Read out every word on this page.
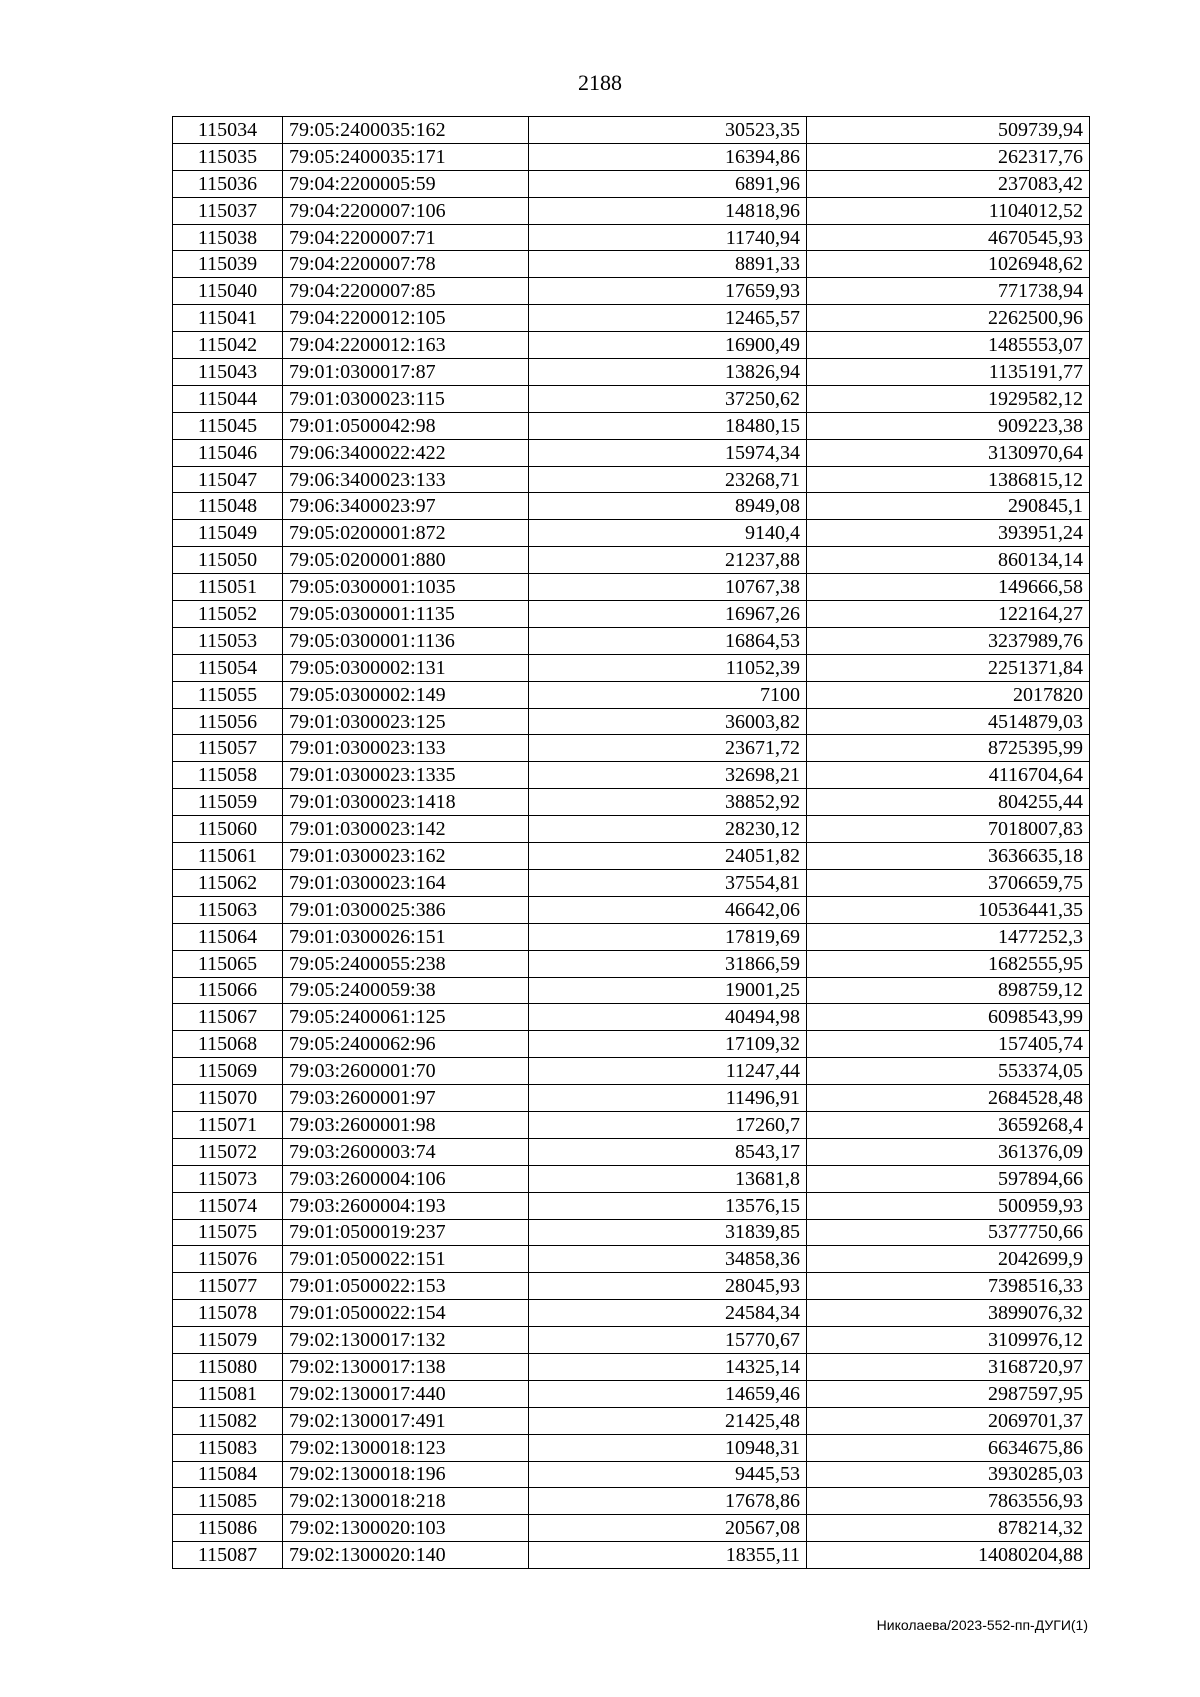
2188
115034	79:05:2400035:162	30523,35	509739,94
115035	79:05:2400035:171	16394,86	262317,76
115036	79:04:2200005:59	6891,96	237083,42
115037	79:04:2200007:106	14818,96	1104012,52
115038	79:04:2200007:71	11740,94	4670545,93
115039	79:04:2200007:78	8891,33	1026948,62
115040	79:04:2200007:85	17659,93	771738,94
115041	79:04:2200012:105	12465,57	2262500,96
115042	79:04:2200012:163	16900,49	1485553,07
115043	79:01:0300017:87	13826,94	1135191,77
115044	79:01:0300023:115	37250,62	1929582,12
115045	79:01:0500042:98	18480,15	909223,38
115046	79:06:3400022:422	15974,34	3130970,64
115047	79:06:3400023:133	23268,71	1386815,12
115048	79:06:3400023:97	8949,08	290845,1
115049	79:05:0200001:872	9140,4	393951,24
115050	79:05:0200001:880	21237,88	860134,14
115051	79:05:0300001:1035	10767,38	149666,58
115052	79:05:0300001:1135	16967,26	122164,27
115053	79:05:0300001:1136	16864,53	3237989,76
115054	79:05:0300002:131	11052,39	2251371,84
115055	79:05:0300002:149	7100	2017820
115056	79:01:0300023:125	36003,82	4514879,03
115057	79:01:0300023:133	23671,72	8725395,99
115058	79:01:0300023:1335	32698,21	4116704,64
115059	79:01:0300023:1418	38852,92	804255,44
115060	79:01:0300023:142	28230,12	7018007,83
115061	79:01:0300023:162	24051,82	3636635,18
115062	79:01:0300023:164	37554,81	3706659,75
115063	79:01:0300025:386	46642,06	10536441,35
115064	79:01:0300026:151	17819,69	1477252,3
115065	79:05:2400055:238	31866,59	1682555,95
115066	79:05:2400059:38	19001,25	898759,12
115067	79:05:2400061:125	40494,98	6098543,99
115068	79:05:2400062:96	17109,32	157405,74
115069	79:03:2600001:70	11247,44	553374,05
115070	79:03:2600001:97	11496,91	2684528,48
115071	79:03:2600001:98	17260,7	3659268,4
115072	79:03:2600003:74	8543,17	361376,09
115073	79:03:2600004:106	13681,8	597894,66
115074	79:03:2600004:193	13576,15	500959,93
115075	79:01:0500019:237	31839,85	5377750,66
115076	79:01:0500022:151	34858,36	2042699,9
115077	79:01:0500022:153	28045,93	7398516,33
115078	79:01:0500022:154	24584,34	3899076,32
115079	79:02:1300017:132	15770,67	3109976,12
115080	79:02:1300017:138	14325,14	3168720,97
115081	79:02:1300017:440	14659,46	2987597,95
115082	79:02:1300017:491	21425,48	2069701,37
115083	79:02:1300018:123	10948,31	6634675,86
115084	79:02:1300018:196	9445,53	3930285,03
115085	79:02:1300018:218	17678,86	7863556,93
115086	79:02:1300020:103	20567,08	878214,32
115087	79:02:1300020:140	18355,11	14080204,88
Николаева/2023-552-пп-ДУГИ(1)
